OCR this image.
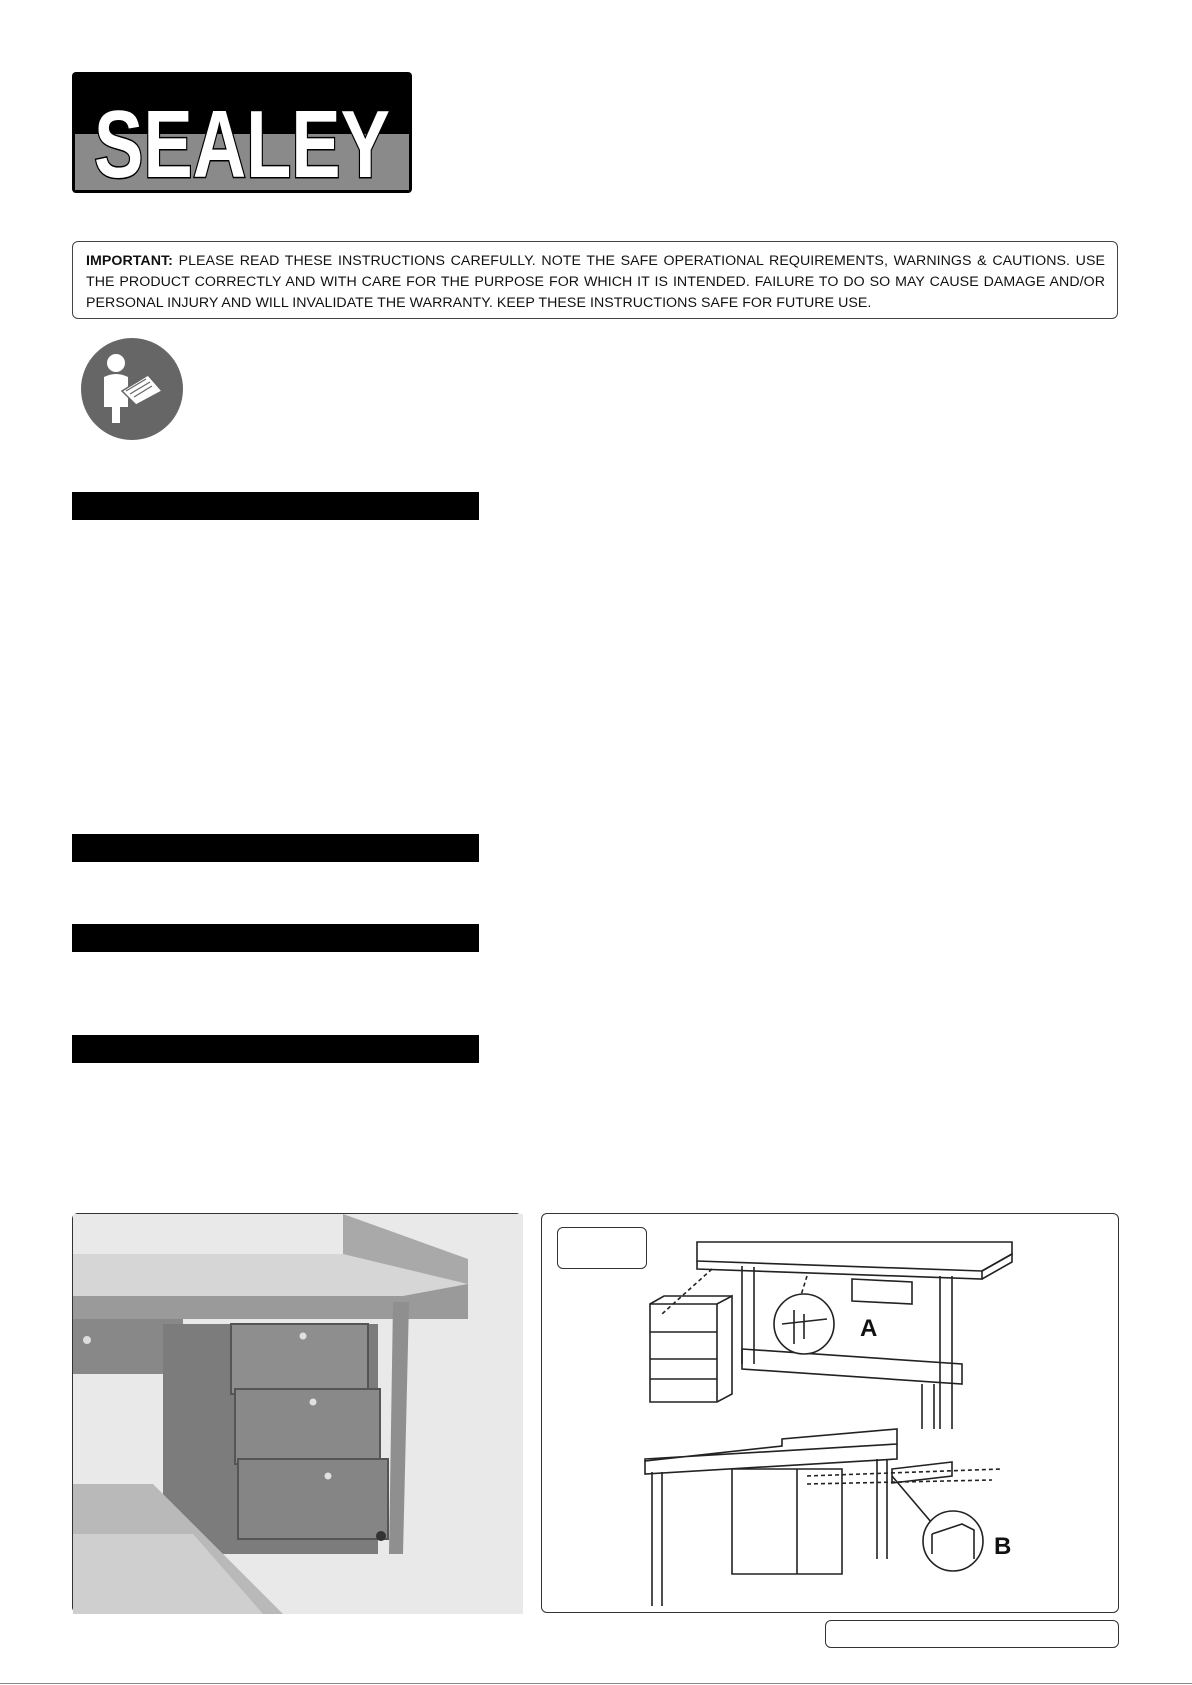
SEALEY
IMPORTANT: PLEASE READ THESE INSTRUCTIONS CAREFULLY. NOTE THE SAFE OPERATIONAL REQUIREMENTS, WARNINGS & CAUTIONS. USE THE PRODUCT CORRECTLY AND WITH CARE FOR THE PURPOSE FOR WHICH IT IS INTENDED. FAILURE TO DO SO MAY CAUSE DAMAGE AND/OR PERSONAL INJURY AND WILL INVALIDATE THE WARRANTY. KEEP THESE INSTRUCTIONS SAFE FOR FUTURE USE.
A
B
